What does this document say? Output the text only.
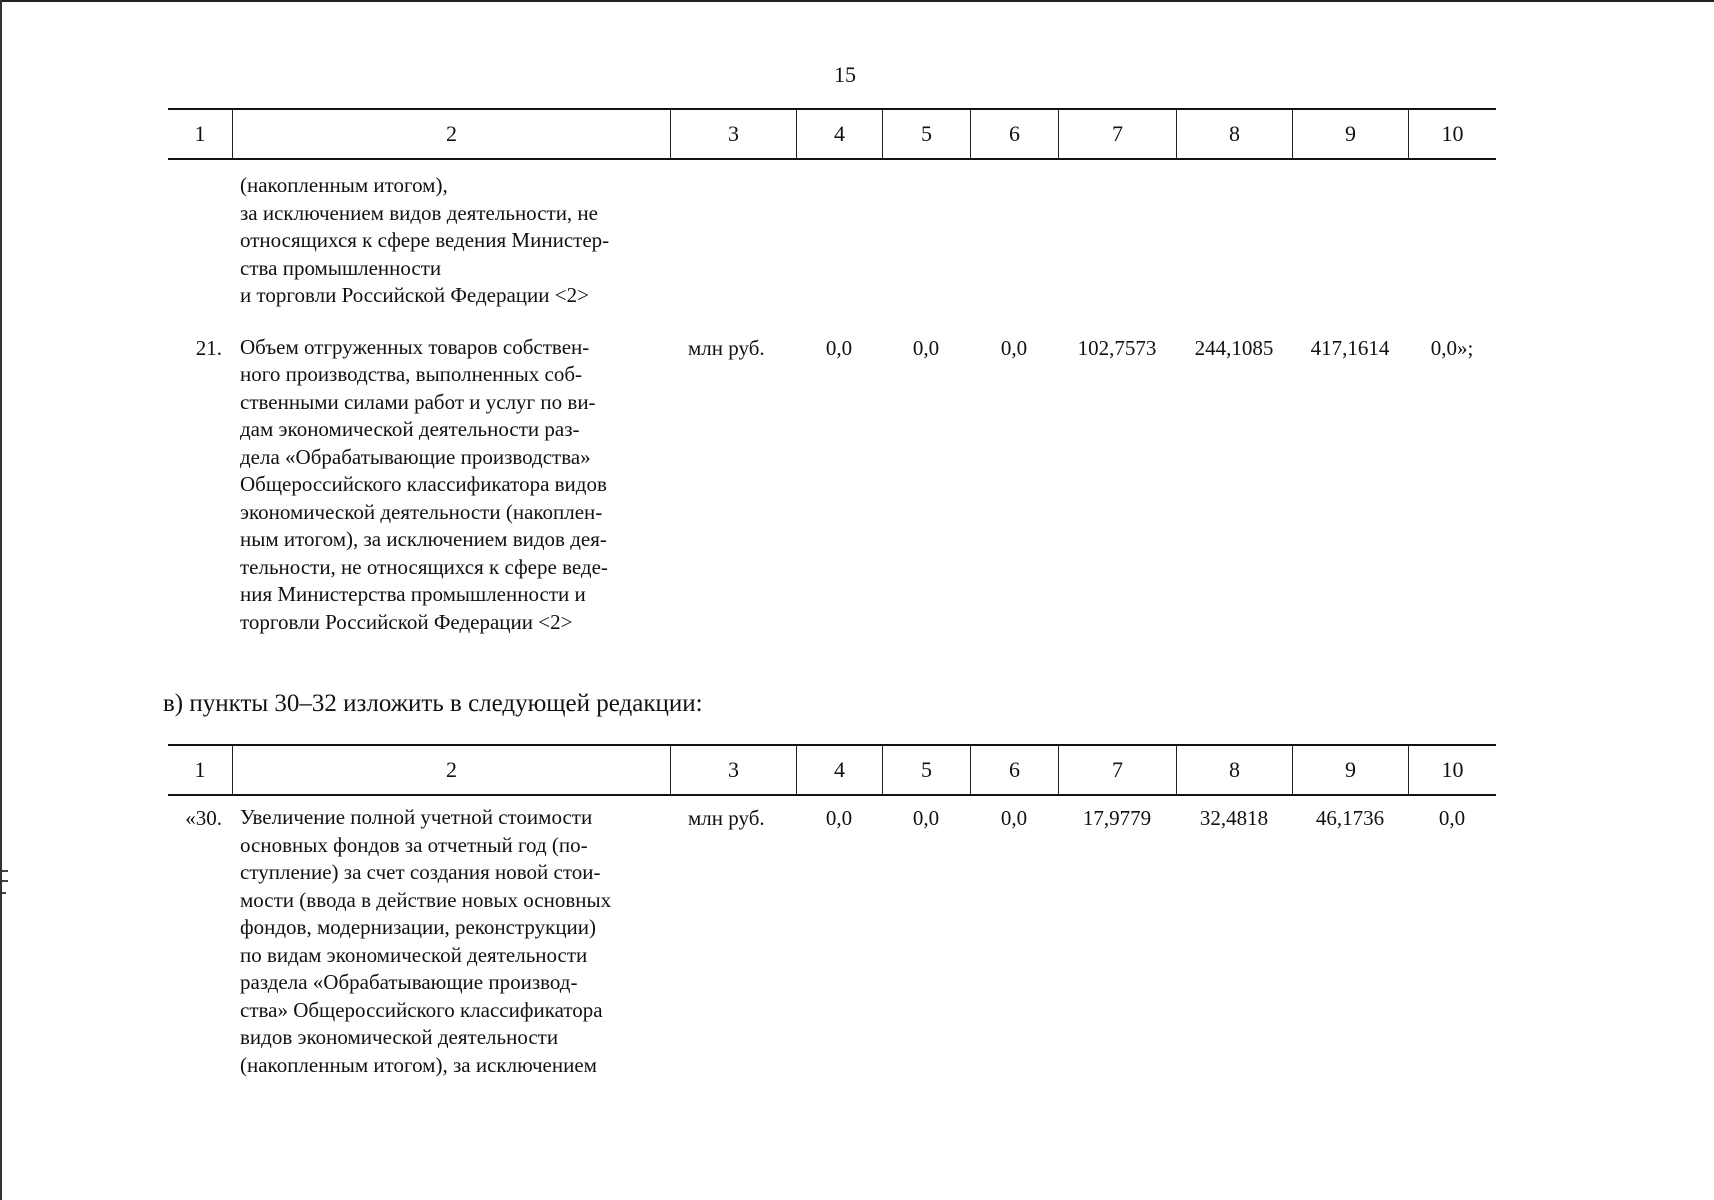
15
1	2	3	4	5	6	7	8	9	10
(накопленным итогом),
за исключением видов деятельности, не
относящихся к сфере ведения Министер-
ства промышленности
и торговли Российской Федерации <2>
21. Объем отгруженных товаров собствен-
ного производства, выполненных соб-
ственными силами работ и услуг по ви-
дам экономической деятельности раз-
дела «Обрабатывающие производства»
Общероссийского классификатора видов
экономической деятельности (накоплен-
ным итогом), за исключением видов дея-
тельности, не относящихся к сфере веде-
ния Министерства промышленности и
торговли Российской Федерации <2>
млн руб.	0,0	0,0	0,0	102,7573	244,1085	417,1614	0,0»;
в) пункты 30–32 изложить в следующей редакции:
1	2	3	4	5	6	7	8	9	10
«30. Увеличение полной учетной стоимости
основных фондов за отчетный год (по-
ступление) за счет создания новой стои-
мости (ввода в действие новых основных
фондов, модернизации, реконструкции)
по видам экономической деятельности
раздела «Обрабатывающие производ-
ства» Общероссийского классификатора
видов экономической деятельности
(накопленным итогом), за исключением
млн руб.	0,0	0,0	0,0	17,9779	32,4818	46,1736	0,0
